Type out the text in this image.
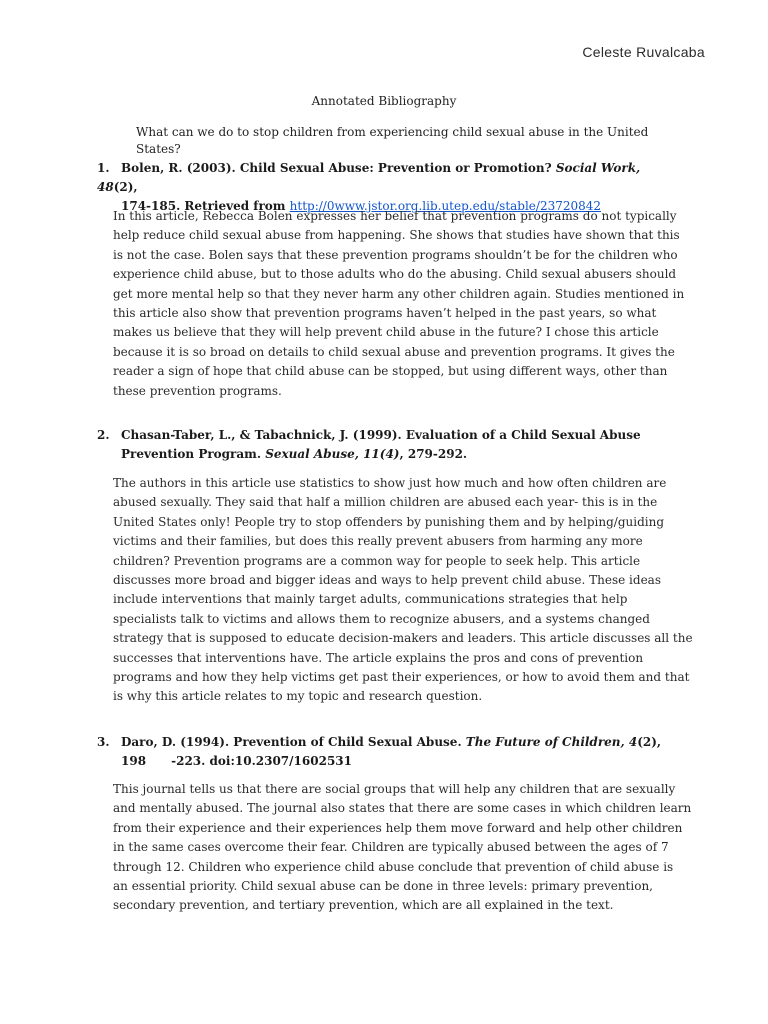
Celeste Ruvalcaba
Annotated Bibliography
What can we do to stop children from experiencing child sexual abuse in the United
States?
1. Bolen, R. (2003). Child Sexual Abuse: Prevention or Promotion? Social Work, 48(2),
174-185. Retrieved from http://0www.jstor.org.lib.utep.edu/stable/23720842
In this article, Rebecca Bolen expresses her belief that prevention programs do not typically
help reduce child sexual abuse from happening. She shows that studies have shown that this
is not the case. Bolen says that these prevention programs shouldn’t be for the children who
experience child abuse, but to those adults who do the abusing. Child sexual abusers should
get more mental help so that they never harm any other children again. Studies mentioned in
this article also show that prevention programs haven’t helped in the past years, so what
makes us believe that they will help prevent child abuse in the future? I chose this article
because it is so broad on details to child sexual abuse and prevention programs. It gives the
reader a sign of hope that child abuse can be stopped, but using different ways, other than
these prevention programs.
2. Chasan-Taber, L., & Tabachnick, J. (1999). Evaluation of a Child Sexual Abuse
Prevention Program. Sexual Abuse, 11(4), 279-292.
The authors in this article use statistics to show just how much and how often children are
abused sexually. They said that half a million children are abused each year- this is in the
United States only! People try to stop offenders by punishing them and by helping/guiding
victims and their families, but does this really prevent abusers from harming any more
children? Prevention programs are a common way for people to seek help. This article
discusses more broad and bigger ideas and ways to help prevent child abuse. These ideas
include interventions that mainly target adults, communications strategies that help
specialists talk to victims and allows them to recognize abusers, and a systems changed
strategy that is supposed to educate decision-makers and leaders. This article discusses all the
successes that interventions have. The article explains the pros and cons of prevention
programs and how they help victims get past their experiences, or how to avoid them and that
is why this article relates to my topic and research question.
3. Daro, D. (1994). Prevention of Child Sexual Abuse. The Future of Children, 4(2),
198      -223. doi:10.2307/1602531
This journal tells us that there are social groups that will help any children that are sexually
and mentally abused. The journal also states that there are some cases in which children learn
from their experience and their experiences help them move forward and help other children
in the same cases overcome their fear. Children are typically abused between the ages of 7
through 12. Children who experience child abuse conclude that prevention of child abuse is
an essential priority. Child sexual abuse can be done in three levels: primary prevention,
secondary prevention, and tertiary prevention, which are all explained in the text.
